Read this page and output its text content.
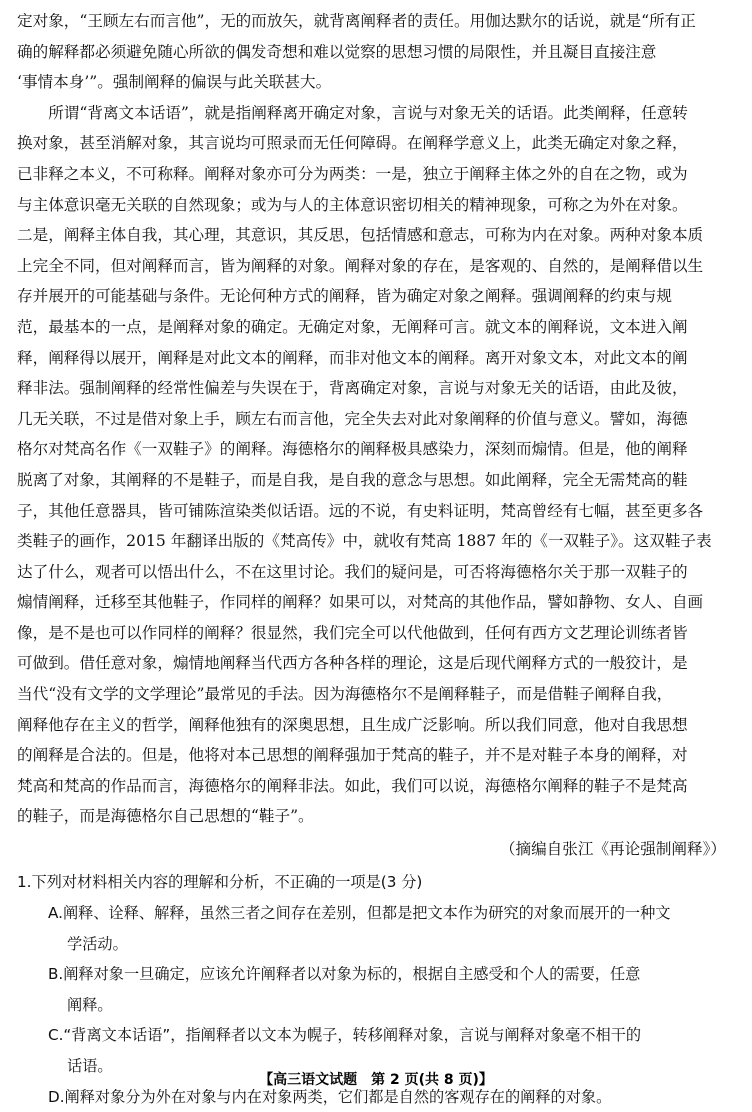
定对象，“王顾左右而言他”，无的而放矢，就背离阐释者的责任。用伽达默尔的话说，就是“所有正
确的解释都必须避免随心所欲的偶发奇想和难以觉察的思想习惯的局限性，并且凝目直接注意
‘事情本身’”。强制阐释的偏误与此关联甚大。
　　所谓“背离文本话语”，就是指阐释离开确定对象，言说与对象无关的话语。此类阐释，任意转
换对象，甚至消解对象，其言说均可照录而无任何障碍。在阐释学意义上，此类无确定对象之释，
已非释之本义，不可称释。阐释对象亦可分为两类：一是，独立于阐释主体之外的自在之物，或为
与主体意识毫无关联的自然现象；或为与人的主体意识密切相关的精神现象，可称之为外在对象。
二是，阐释主体自我，其心理，其意识，其反思，包括情感和意志，可称为内在对象。两种对象本质
上完全不同，但对阐释而言，皆为阐释的对象。阐释对象的存在，是客观的、自然的，是阐释借以生
存并展开的可能基础与条件。无论何种方式的阐释，皆为确定对象之阐释。强调阐释的约束与规
范，最基本的一点，是阐释对象的确定。无确定对象，无阐释可言。就文本的阐释说，文本进入阐
释，阐释得以展开，阐释是对此文本的阐释，而非对他文本的阐释。离开对象文本，对此文本的阐
释非法。强制阐释的经常性偏差与失误在于，背离确定对象，言说与对象无关的话语，由此及彼，
几无关联，不过是借对象上手，顾左右而言他，完全失去对此对象阐释的价值与意义。譬如，海德
格尔对梵高名作《一双鞋子》的阐释。海德格尔的阐释极具感染力，深刻而煽情。但是，他的阐释
脱离了对象，其阐释的不是鞋子，而是自我，是自我的意念与思想。如此阐释，完全无需梵高的鞋
子，其他任意器具，皆可铺陈渲染类似话语。远的不说，有史料证明，梵高曾经有七幅，甚至更多各
类鞋子的画作，2015 年翻译出版的《梵高传》中，就收有梵高 1887 年的《一双鞋子》。这双鞋子表
达了什么，观者可以悟出什么，不在这里讨论。我们的疑问是，可否将海德格尔关于那一双鞋子的
煽情阐释，迁移至其他鞋子，作同样的阐释？如果可以，对梵高的其他作品，譬如静物、女人、自画
像，是不是也可以作同样的阐释？很显然，我们完全可以代他做到，任何有西方文艺理论训练者皆
可做到。借任意对象，煽情地阐释当代西方各种各样的理论，这是后现代阐释方式的一般狡计，是
当代“没有文学的文学理论”最常见的手法。因为海德格尔不是阐释鞋子，而是借鞋子阐释自我，
阐释他存在主义的哲学，阐释他独有的深奥思想，且生成广泛影响。所以我们同意，他对自我思想
的阐释是合法的。但是，他将对本己思想的阐释强加于梵高的鞋子，并不是对鞋子本身的阐释，对
梵高和梵高的作品而言，海德格尔的阐释非法。如此，我们可以说，海德格尔阐释的鞋子不是梵高
的鞋子，而是海德格尔自己思想的“鞋子”。
（摘编自张江《再论强制阐释》）
1.下列对材料相关内容的理解和分析，不正确的一项是(3 分)
A.阐释、诠释、解释，虽然三者之间存在差别，但都是把文本作为研究的对象而展开的一种文
学活动。
B.阐释对象一旦确定，应该允许阐释者以对象为标的，根据自主感受和个人的需要，任意
阐释。
C.“背离文本话语”，指阐释者以文本为幌子，转移阐释对象，言说与阐释对象毫不相干的
话语。
D.阐释对象分为外在对象与内在对象两类，它们都是自然的客观存在的阐释的对象。
【高三语文试题　第 2 页(共 8 页)】
